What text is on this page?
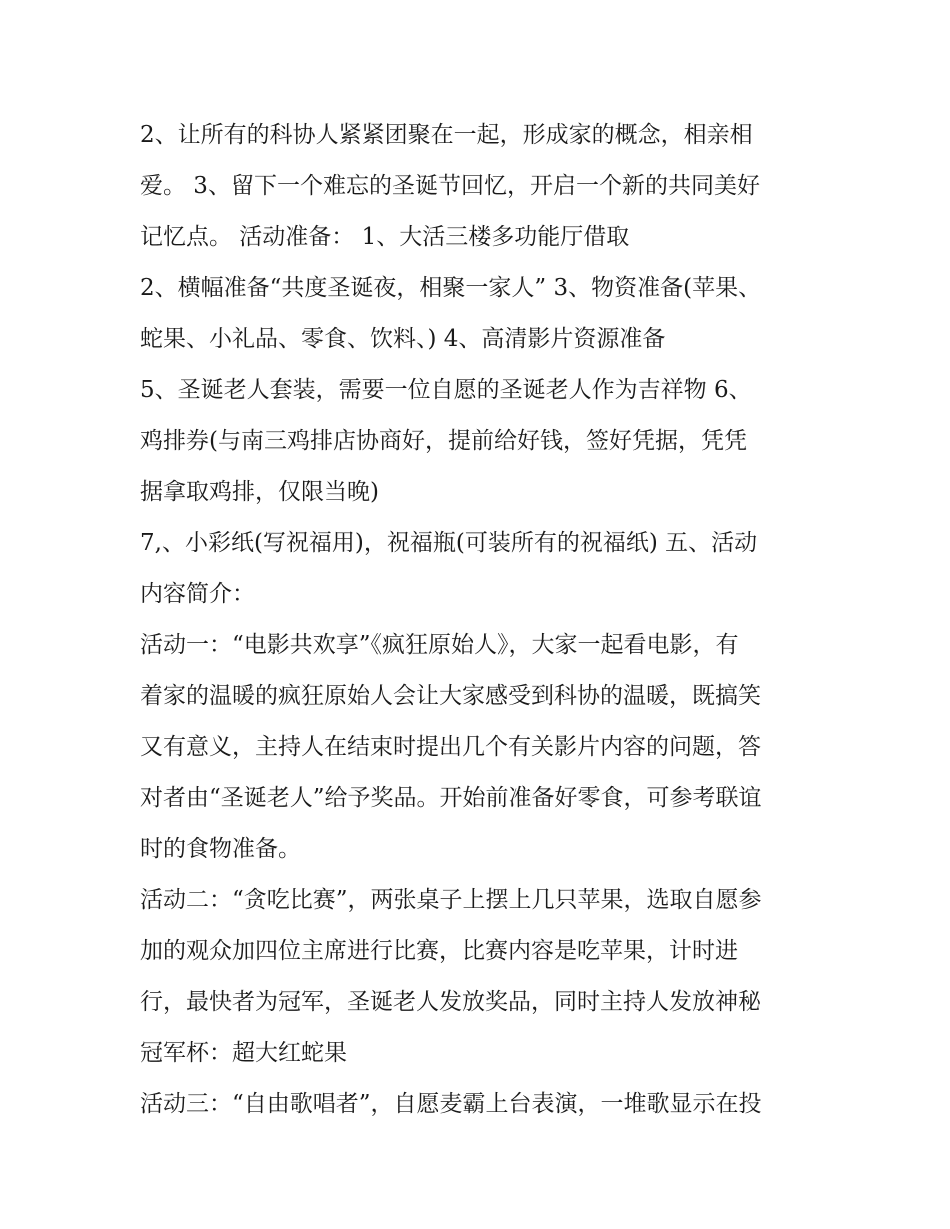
2、让所有的科协人紧紧团聚在一起，形成家的概念，相亲相
爱。 3、留下一个难忘的圣诞节回忆，开启一个新的共同美好
记忆点。 活动准备： 1、大活三楼多功能厅借取
2、横幅准备“共度圣诞夜，相聚一家人” 3、物资准备(苹果、
蛇果、小礼品、零食、饮料、) 4、高清影片资源准备
5、圣诞老人套装，需要一位自愿的圣诞老人作为吉祥物 6、
鸡排券(与南三鸡排店协商好，提前给好钱，签好凭据，凭凭
据拿取鸡排，仅限当晚)
7,、小彩纸(写祝福用)，祝福瓶(可装所有的祝福纸) 五、活动
内容简介：
活动一：“电影共欢享”《疯狂原始人》，大家一起看电影，有
着家的温暖的疯狂原始人会让大家感受到科协的温暖，既搞笑
又有意义，主持人在结束时提出几个有关影片内容的问题，答
对者由“圣诞老人”给予奖品。开始前准备好零食，可参考联谊
时的食物准备。
活动二：“贪吃比赛”，两张桌子上摆上几只苹果，选取自愿参
加的观众加四位主席进行比赛，比赛内容是吃苹果，计时进
行，最快者为冠军，圣诞老人发放奖品，同时主持人发放神秘
冠军杯：超大红蛇果
活动三：“自由歌唱者”，自愿麦霸上台表演，一堆歌显示在投
